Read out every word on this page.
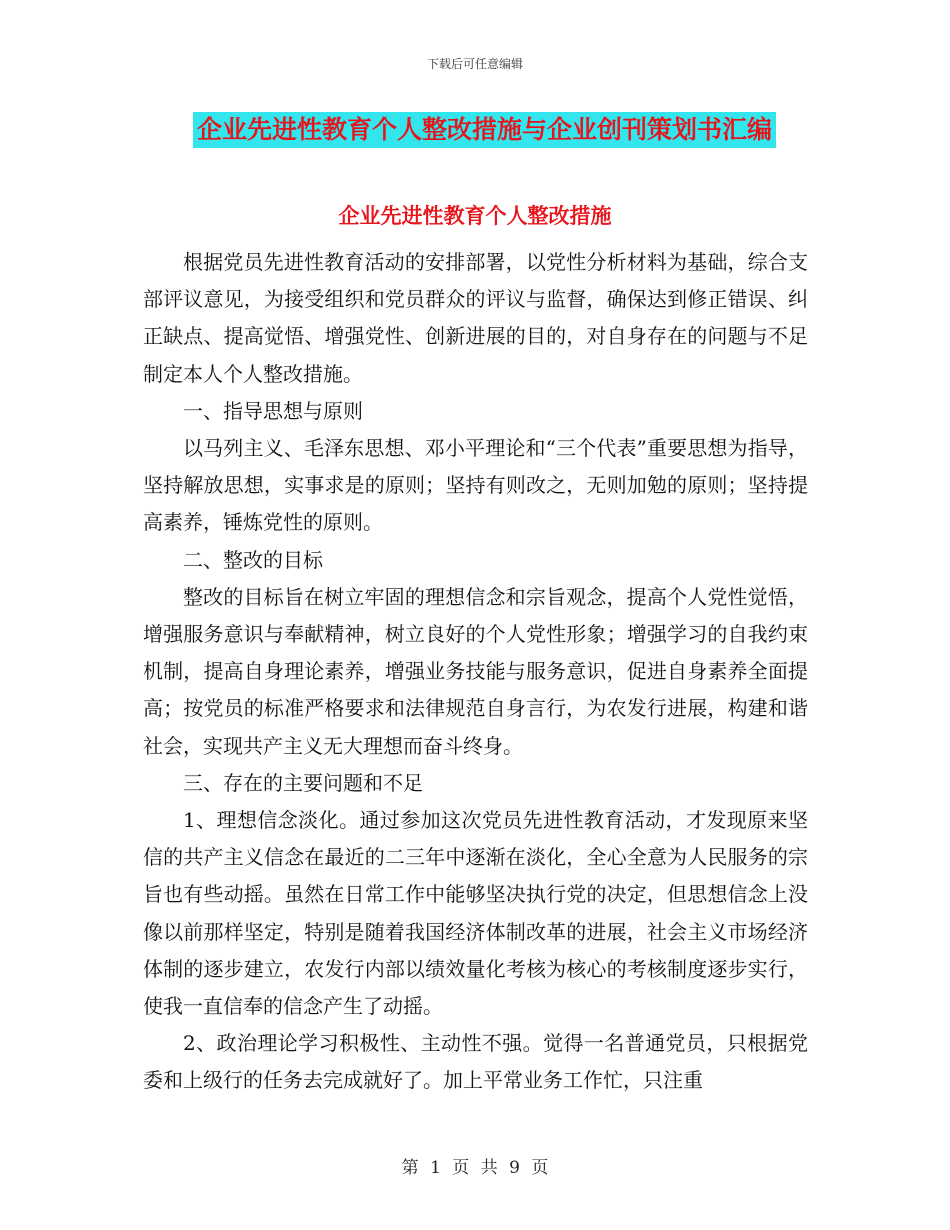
下载后可任意编辑
企业先进性教育个人整改措施与企业创刊策划书汇编
企业先进性教育个人整改措施

根据党员先进性教育活动的安排部署，以党性分析材料为基础，综合支部评议意见，为接受组织和党员群众的评议与监督，确保达到修正错误、纠正缺点、提高觉悟、增强党性、创新进展的目的，对自身存在的问题与不足制定本人个人整改措施。

一、指导思想与原则

以马列主义、毛泽东思想、邓小平理论和“三个代表”重要思想为指导，坚持解放思想，实事求是的原则；坚持有则改之，无则加勉的原则；坚持提高素养，锤炼党性的原则。

二、整改的目标

整改的目标旨在树立牢固的理想信念和宗旨观念，提高个人党性觉悟，增强服务意识与奉献精神，树立良好的个人党性形象；增强学习的自我约束机制，提高自身理论素养，增强业务技能与服务意识，促进自身素养全面提高；按党员的标准严格要求和法律规范自身言行，为农发行进展，构建和谐社会，实现共产主义无大理想而奋斗终身。

三、存在的主要问题和不足

1、理想信念淡化。通过参加这次党员先进性教育活动，才发现原来坚信的共产主义信念在最近的二三年中逐渐在淡化，全心全意为人民服务的宗旨也有些动摇。虽然在日常工作中能够坚决执行党的决定，但思想信念上没像以前那样坚定，特别是随着我国经济体制改革的进展，社会主义市场经济体制的逐步建立，农发行内部以绩效量化考核为核心的考核制度逐步实行，使我一直信奉的信念产生了动摇。

2、政治理论学习积极性、主动性不强。觉得一名普通党员，只根据党委和上级行的任务去完成就好了。加上平常业务工作忙，只注重

第 1 页 共 9 页
